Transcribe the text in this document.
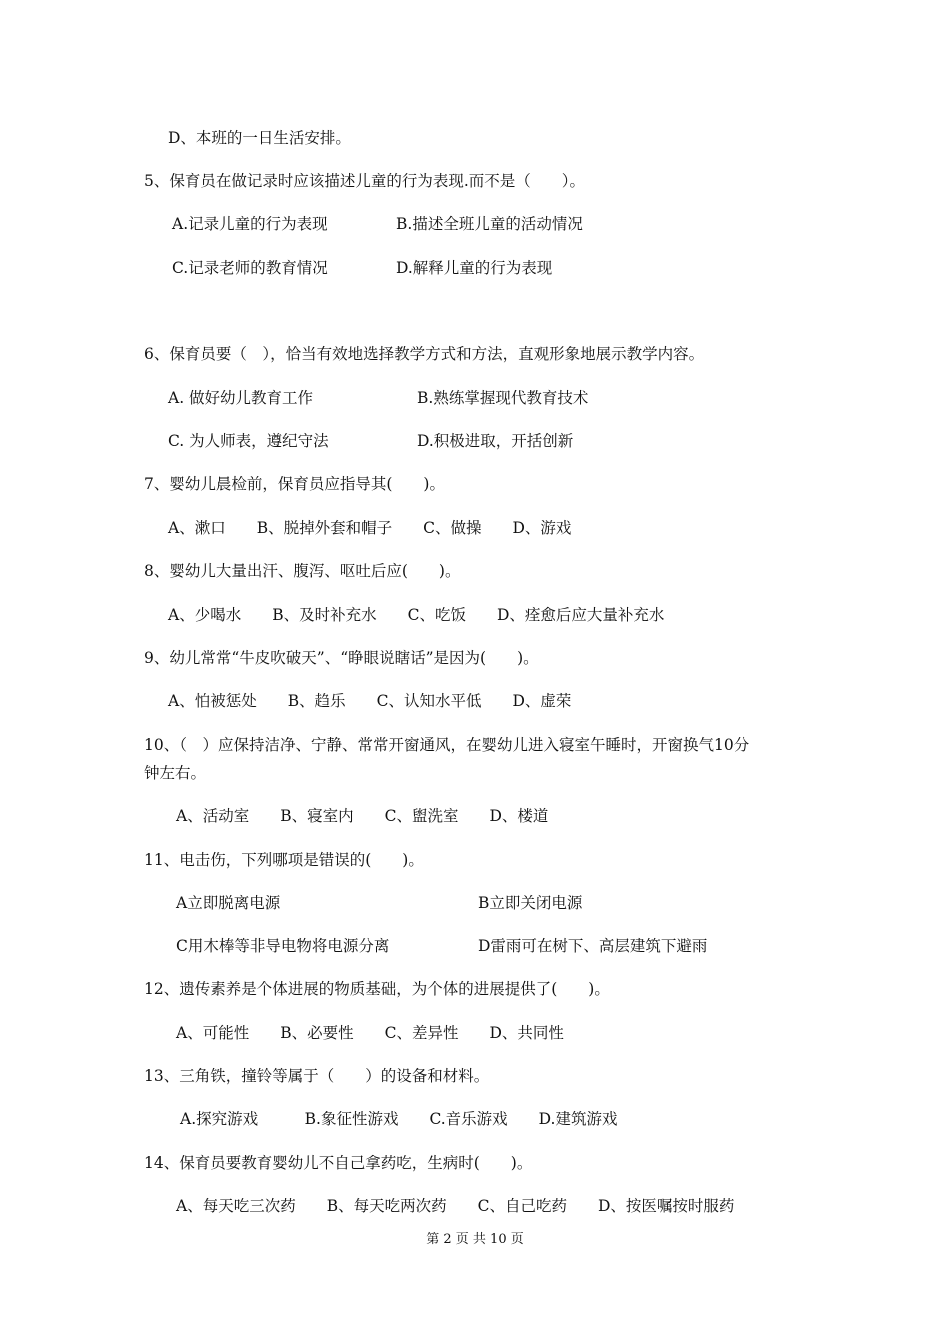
D、本班的一日生活安排。
5、保育员在做记录时应该描述儿童的行为表现.而不是（　　）。
A.记录儿童的行为表现	B.描述全班儿童的活动情况
C.记录老师的教育情况	D.解释儿童的行为表现
6、保育员要（　），恰当有效地选择教学方式和方法，直观形象地展示教学内容。
A. 做好幼儿教育工作	B.熟练掌握现代教育技术
C. 为人师表，遵纪守法	D.积极进取，开括创新
7、婴幼儿晨检前，保育员应指导其(　　)。
A、漱口　　B、脱掉外套和帽子　　C、做操　　D、游戏
8、婴幼儿大量出汗、腹泻、呕吐后应(　　)。
A、少喝水　　B、及时补充水　　C、吃饭　　D、痊愈后应大量补充水
9、幼儿常常“牛皮吹破天”、“睁眼说瞎话”是因为(　　)。
A、怕被惩处　　B、趋乐　　C、认知水平低　　D、虚荣
10、（　）应保持洁净、宁静、常常开窗通风，在婴幼儿进入寝室午睡时，开窗换气10分
钟左右。
A、活动室　　B、寝室内　　C、盥洗室　　D、楼道
11、电击伤，下列哪项是错误的(　　)。
A立即脱离电源	B立即关闭电源
C用木棒等非导电物将电源分离	D雷雨可在树下、高层建筑下避雨
12、遗传素养是个体进展的物质基础，为个体的进展提供了(　　)。
A、可能性　　B、必要性　　C、差异性　　D、共同性
13、三角铁，撞铃等属于（　　）的设备和材料。
A.探究游戏　　　B.象征性游戏　　C.音乐游戏　　D.建筑游戏
14、保育员要教育婴幼儿不自己拿药吃，生病时(　　)。
A、每天吃三次药　　B、每天吃两次药　　C、自己吃药　　D、按医嘱按时服药
第 2 页 共 10 页
